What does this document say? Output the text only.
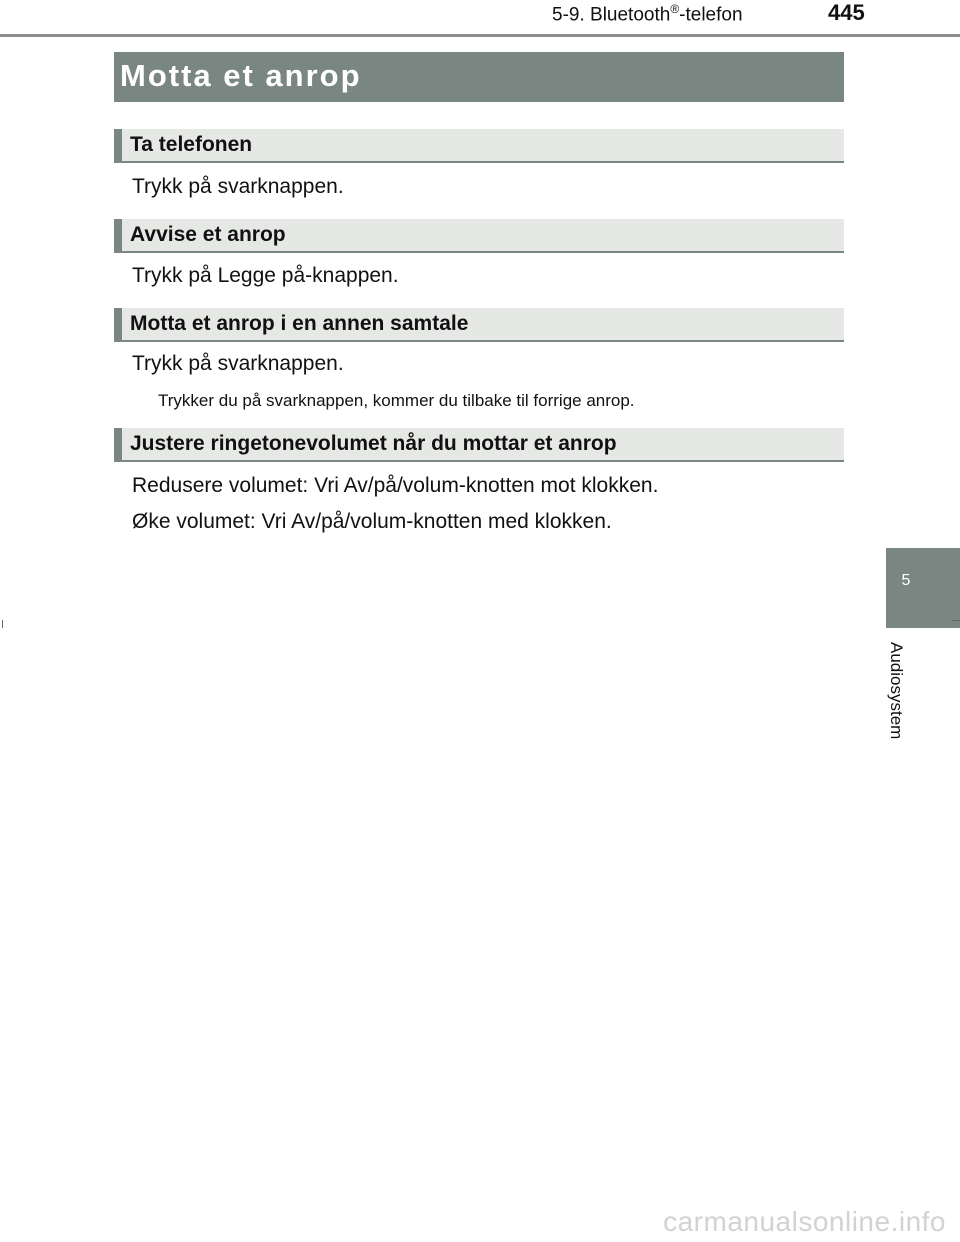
5-9. Bluetooth®-telefon	445
Motta et anrop
Ta telefonen
Trykk på svarknappen.
Avvise et anrop
Trykk på Legge på-knappen.
Motta et anrop i en annen samtale
Trykk på svarknappen.
Trykker du på svarknappen, kommer du tilbake til forrige anrop.
Justere ringetonevolumet når du mottar et anrop
Redusere volumet: Vri Av/på/volum-knotten mot klokken.
Øke volumet: Vri Av/på/volum-knotten med klokken.
5
Audiosystem
carmanualsonline.info
